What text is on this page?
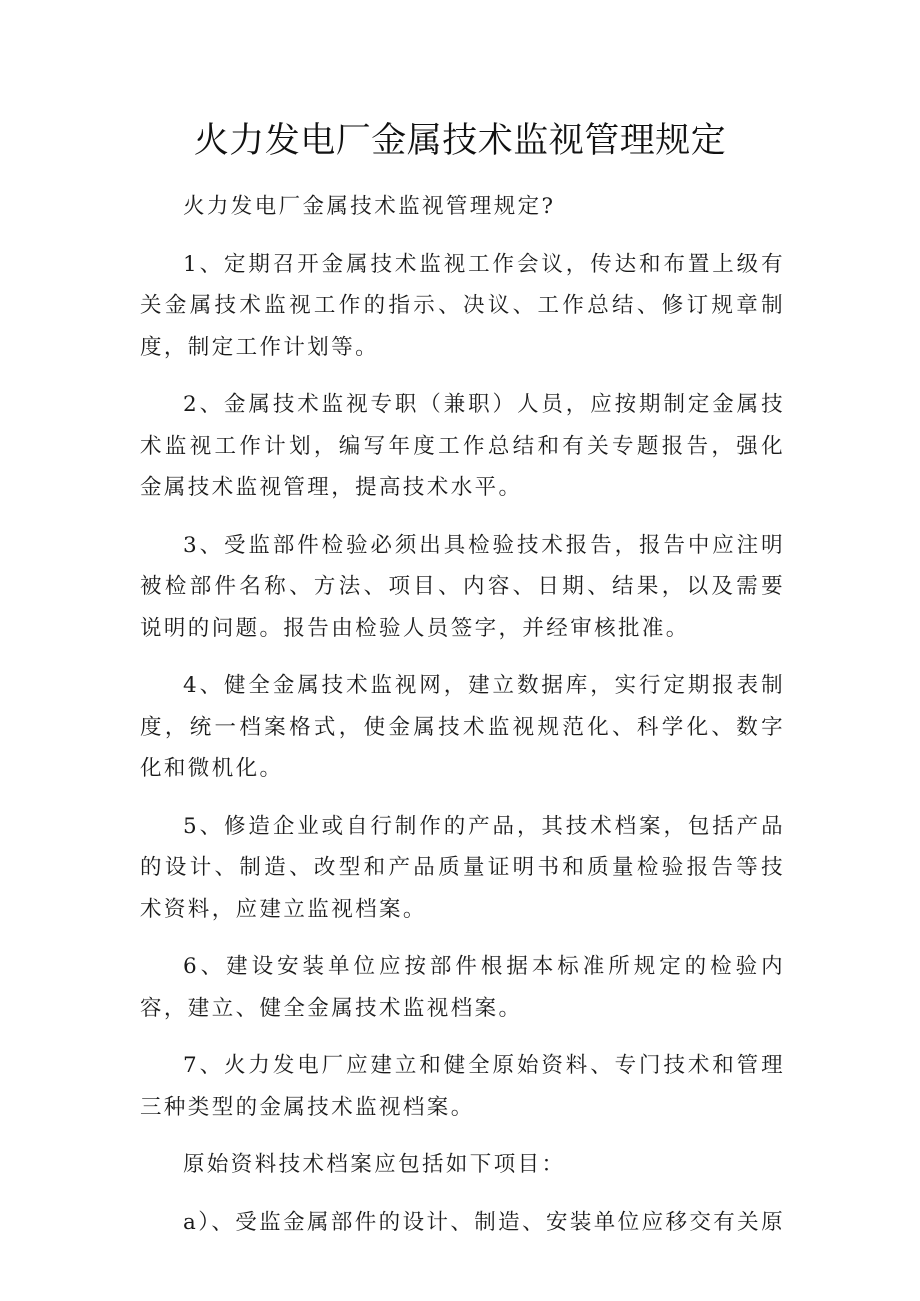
火力发电厂金属技术监视管理规定

火力发电厂金属技术监视管理规定?

1、定期召开金属技术监视工作会议，传达和布置上级有关金属技术监视工作的指示、决议、工作总结、修订规章制度，制定工作计划等。

2、金属技术监视专职（兼职）人员，应按期制定金属技术监视工作计划，编写年度工作总结和有关专题报告，强化金属技术监视管理，提高技术水平。

3、受监部件检验必须出具检验技术报告，报告中应注明被检部件名称、方法、项目、内容、日期、结果，以及需要说明的问题。报告由检验人员签字，并经审核批准。

4、健全金属技术监视网，建立数据库，实行定期报表制度，统一档案格式，使金属技术监视规范化、科学化、数字化和微机化。

5、修造企业或自行制作的产品，其技术档案，包括产品的设计、制造、改型和产品质量证明书和质量检验报告等技术资料，应建立监视档案。

6、建设安装单位应按部件根据本标准所规定的检验内容，建立、健全金属技术监视档案。

7、火力发电厂应建立和健全原始资料、专门技术和管理三种类型的金属技术监视档案。

原始资料技术档案应包括如下项目：

a）、受监金属部件的设计、制造、安装单位应移交有关原
